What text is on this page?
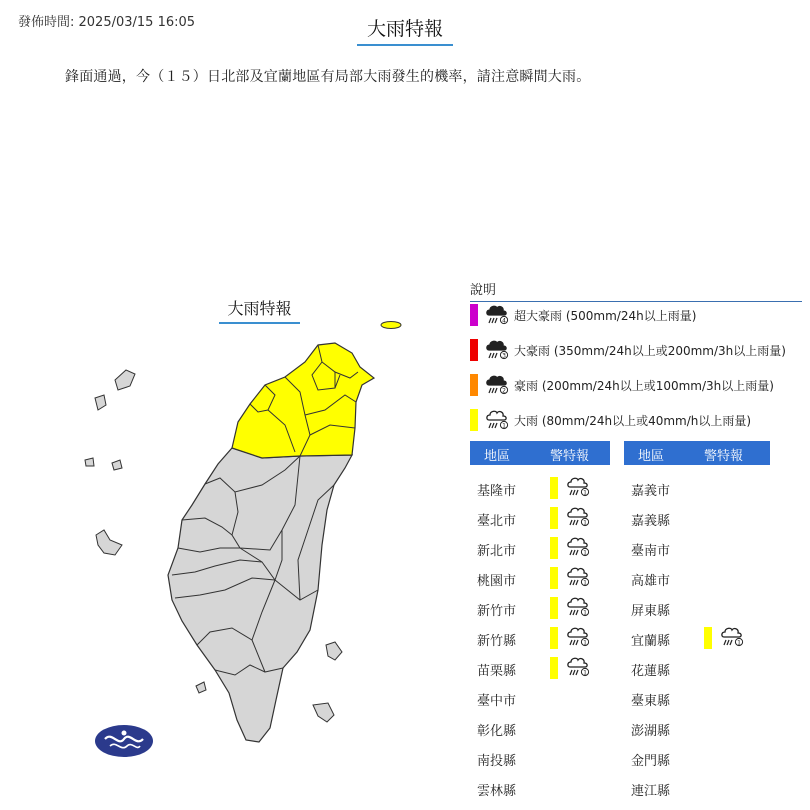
發佈時間: 2025/03/15 16:05	大雨特報
鋒面通過，今（１５）日北部及宜蘭地區有局部大雨發生的機率，請注意瞬間大雨。
大雨特報
說明
4 超大豪雨 (500mm/24h以上雨量)
3 大豪雨 (350mm/24h以上或200mm/3h以上雨量)
2 豪雨 (200mm/24h以上或100mm/3h以上雨量)
1 大雨 (80mm/24h以上或40mm/h以上雨量)
地區	警特報	地區	警特報
基隆市	1
臺北市	1
新北市	1
桃園市	1
新竹市	1
新竹縣	1
苗栗縣	1
臺中市
彰化縣
南投縣
雲林縣
嘉義市
嘉義縣
臺南市
高雄市
屏東縣
宜蘭縣	1
花蓮縣
臺東縣
澎湖縣
金門縣
連江縣
